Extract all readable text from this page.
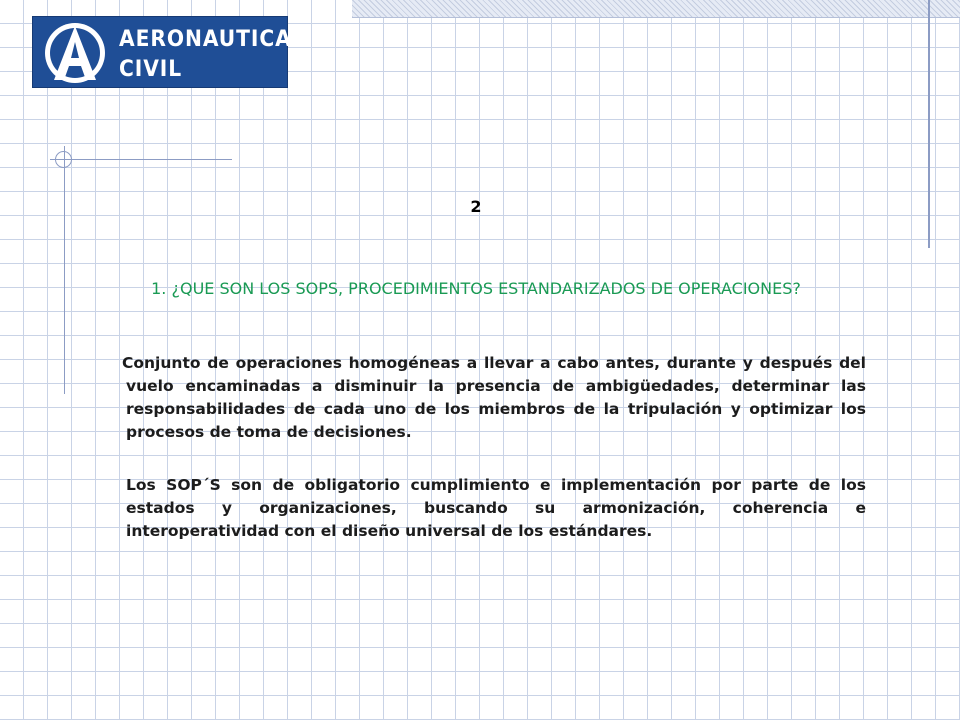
AERONAUTICA
CIVIL
2
1. ¿QUE SON LOS SOPS, PROCEDIMIENTOS ESTANDARIZADOS DE OPERACIONES?

Conjunto de operaciones homogéneas a llevar a cabo antes, durante y después del vuelo encaminadas a disminuir la presencia de ambigüedades, determinar las responsabilidades de cada uno de los miembros de la tripulación y optimizar los procesos de toma de decisiones.

Los SOP´S son de obligatorio cumplimiento e implementación por parte de los estados y organizaciones, buscando su armonización, coherencia e interoperatividad con el diseño universal de los estándares.
